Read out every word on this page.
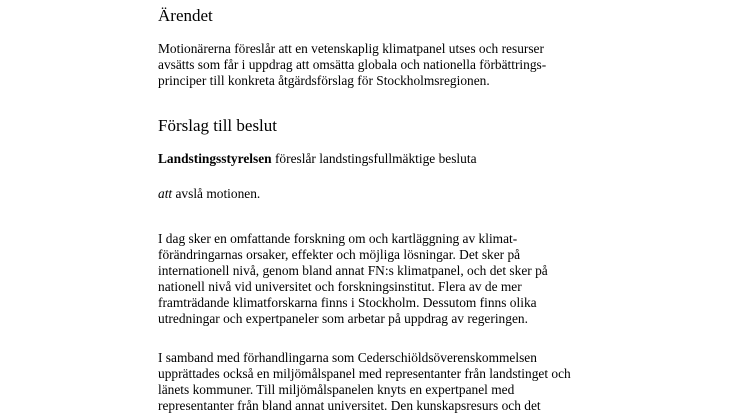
Ärendet

Motionärerna föreslår att en vetenskaplig klimatpanel utses och resurser
avsätts som får i uppdrag att omsätta globala och nationella förbättrings-
principer till konkreta åtgärdsförslag för Stockholmsregionen.

Förslag till beslut

Landstingsstyrelsen föreslår landstingsfullmäktige besluta

att avslå motionen.

I dag sker en omfattande forskning om och kartläggning av klimat-
förändringarnas orsaker, effekter och möjliga lösningar. Det sker på
internationell nivå, genom bland annat FN:s klimatpanel, och det sker på
nationell nivå vid universitet och forskningsinstitut. Flera av de mer
framträdande klimatforskarna finns i Stockholm. Dessutom finns olika
utredningar och expertpaneler som arbetar på uppdrag av regeringen.

I samband med förhandlingarna som Cederschiöldsöverenskommelsen
upprättades också en miljömålspanel med representanter från landstinget och
länets kommuner. Till miljömålspanelen knyts en expertpanel med
representanter från bland annat universitet. Den kunskapsresurs och det
